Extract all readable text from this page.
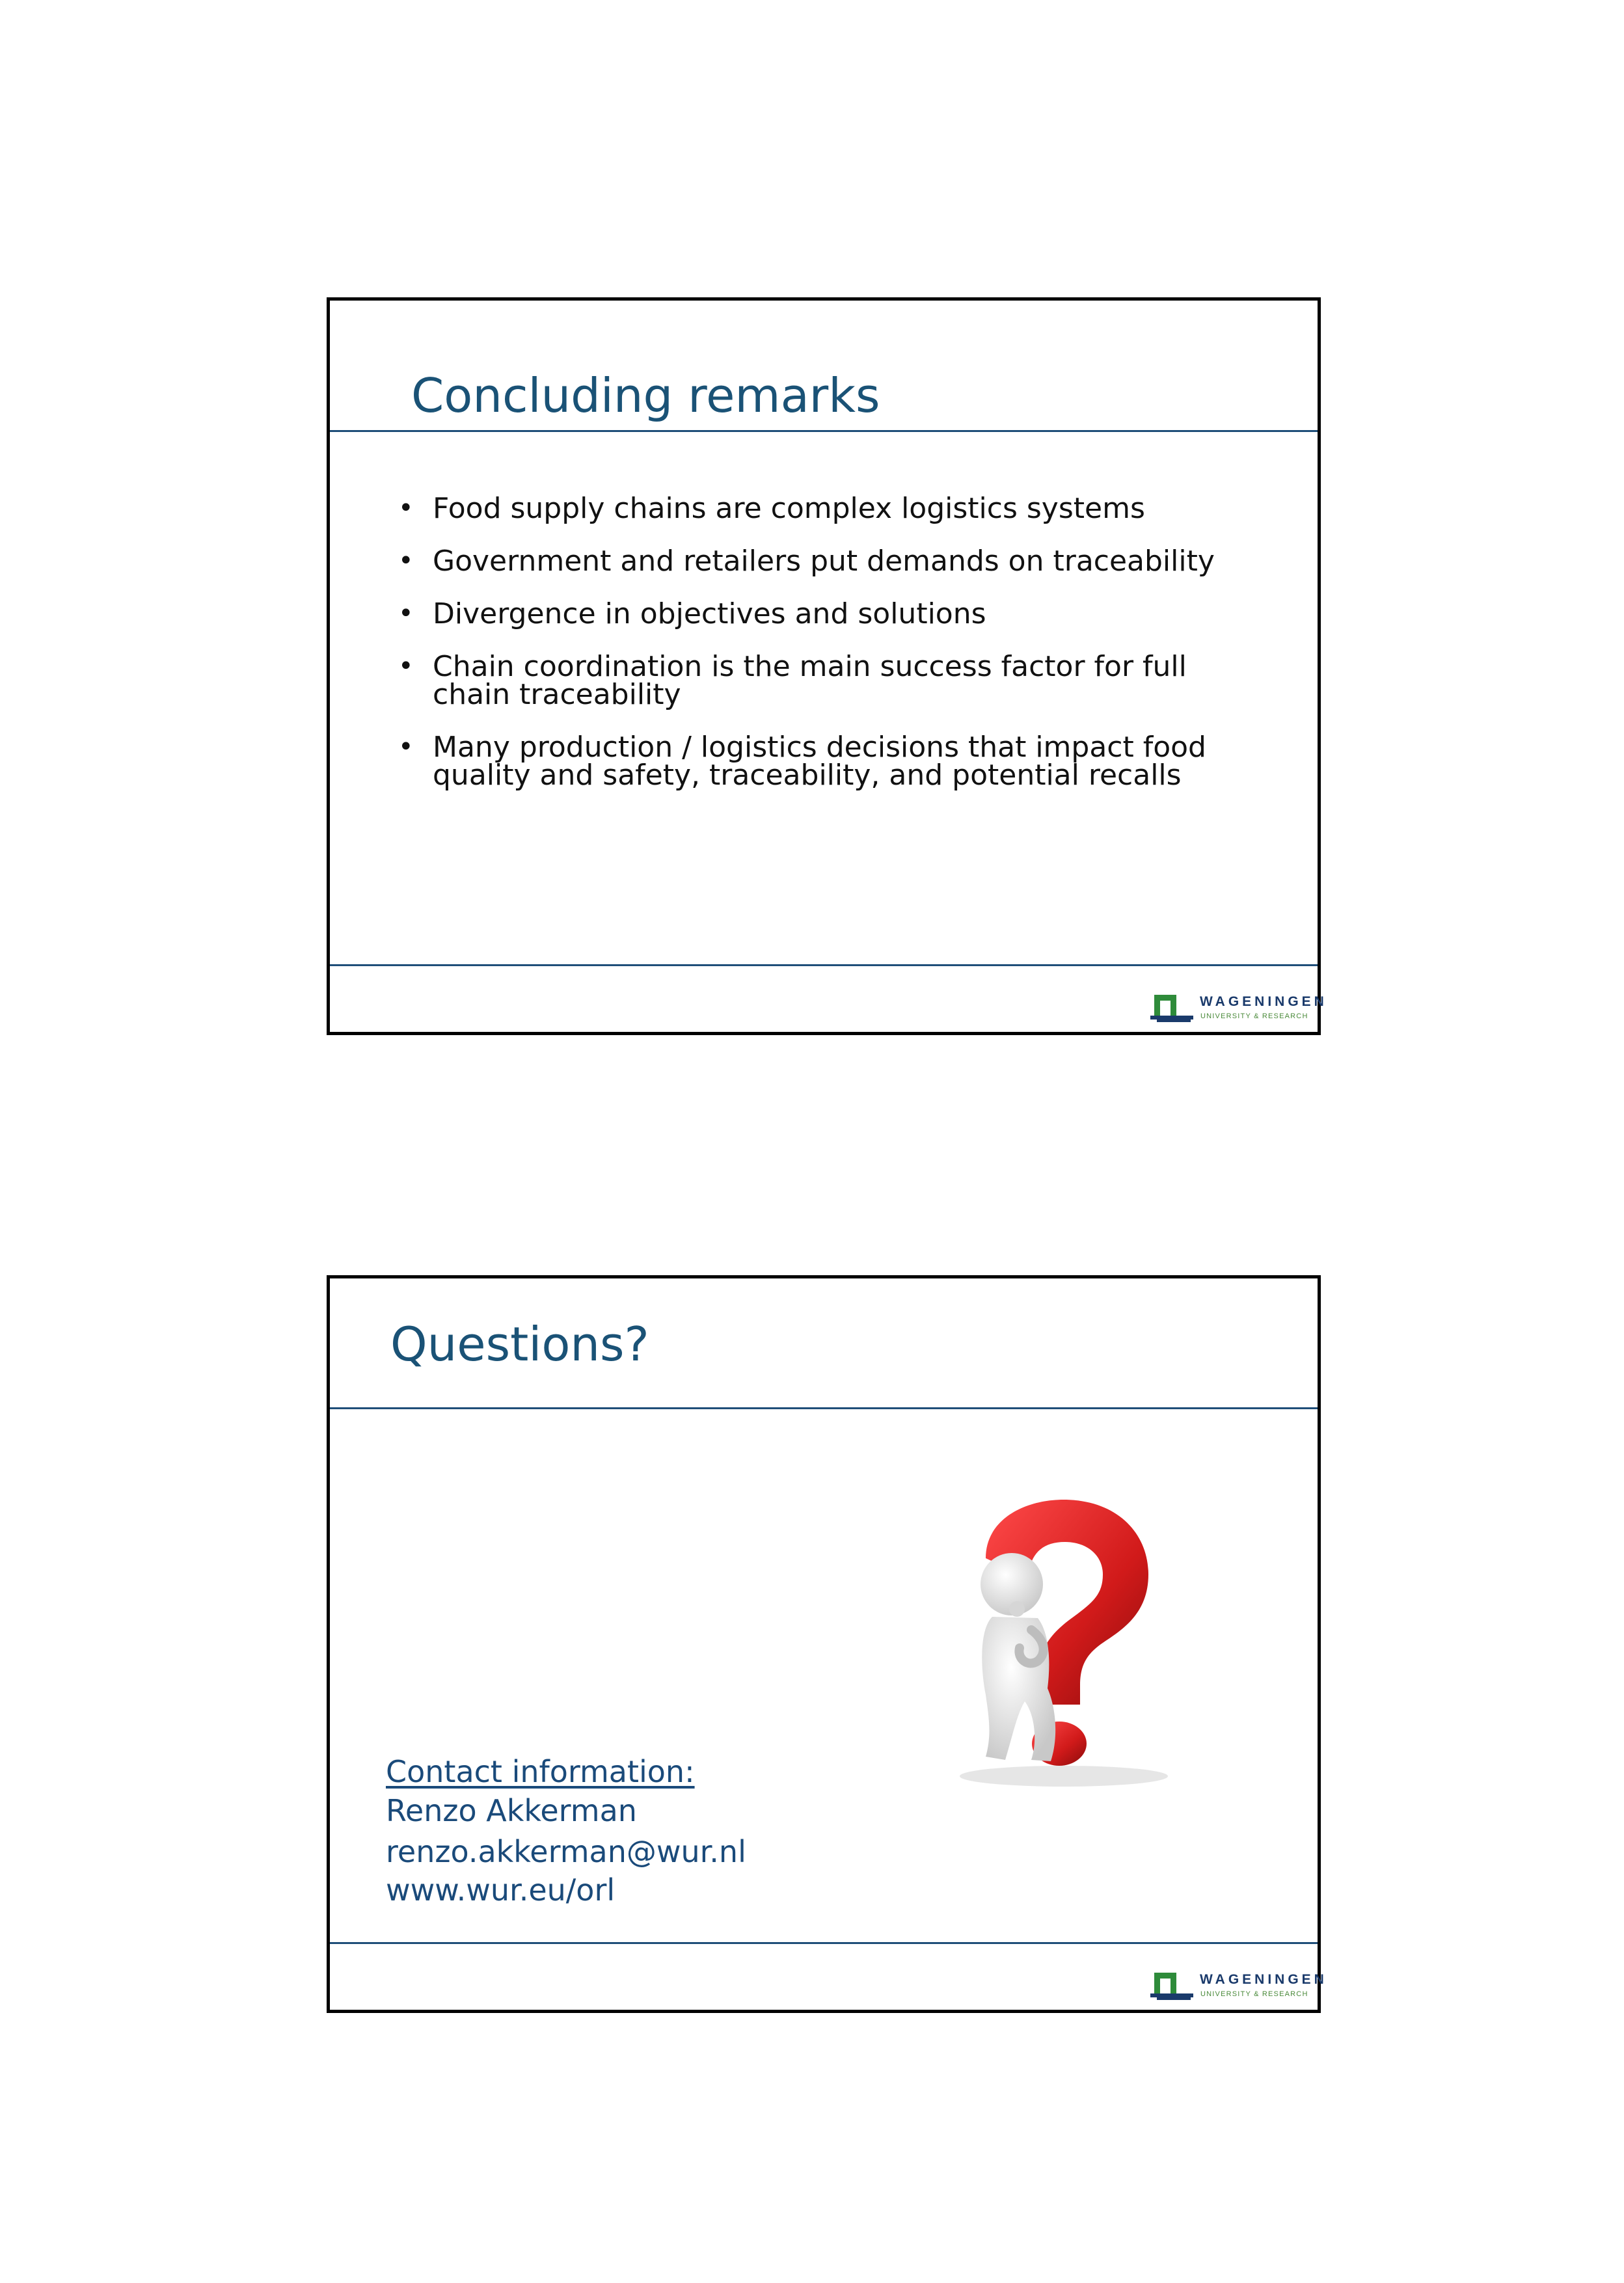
Concluding remarks
• Food supply chains are complex logistics systems
• Government and retailers put demands on traceability
• Divergence in objectives and solutions
• Chain coordination is the main success factor for full
chain traceability
• Many production / logistics decisions that impact food
quality and safety, traceability, and potential recalls
WAGENINGEN
UNIVERSITY & RESEARCH
Questions?
Contact information:
Renzo Akkerman
renzo.akkerman@wur.nl
www.wur.eu/orl
WAGENINGEN
UNIVERSITY & RESEARCH
